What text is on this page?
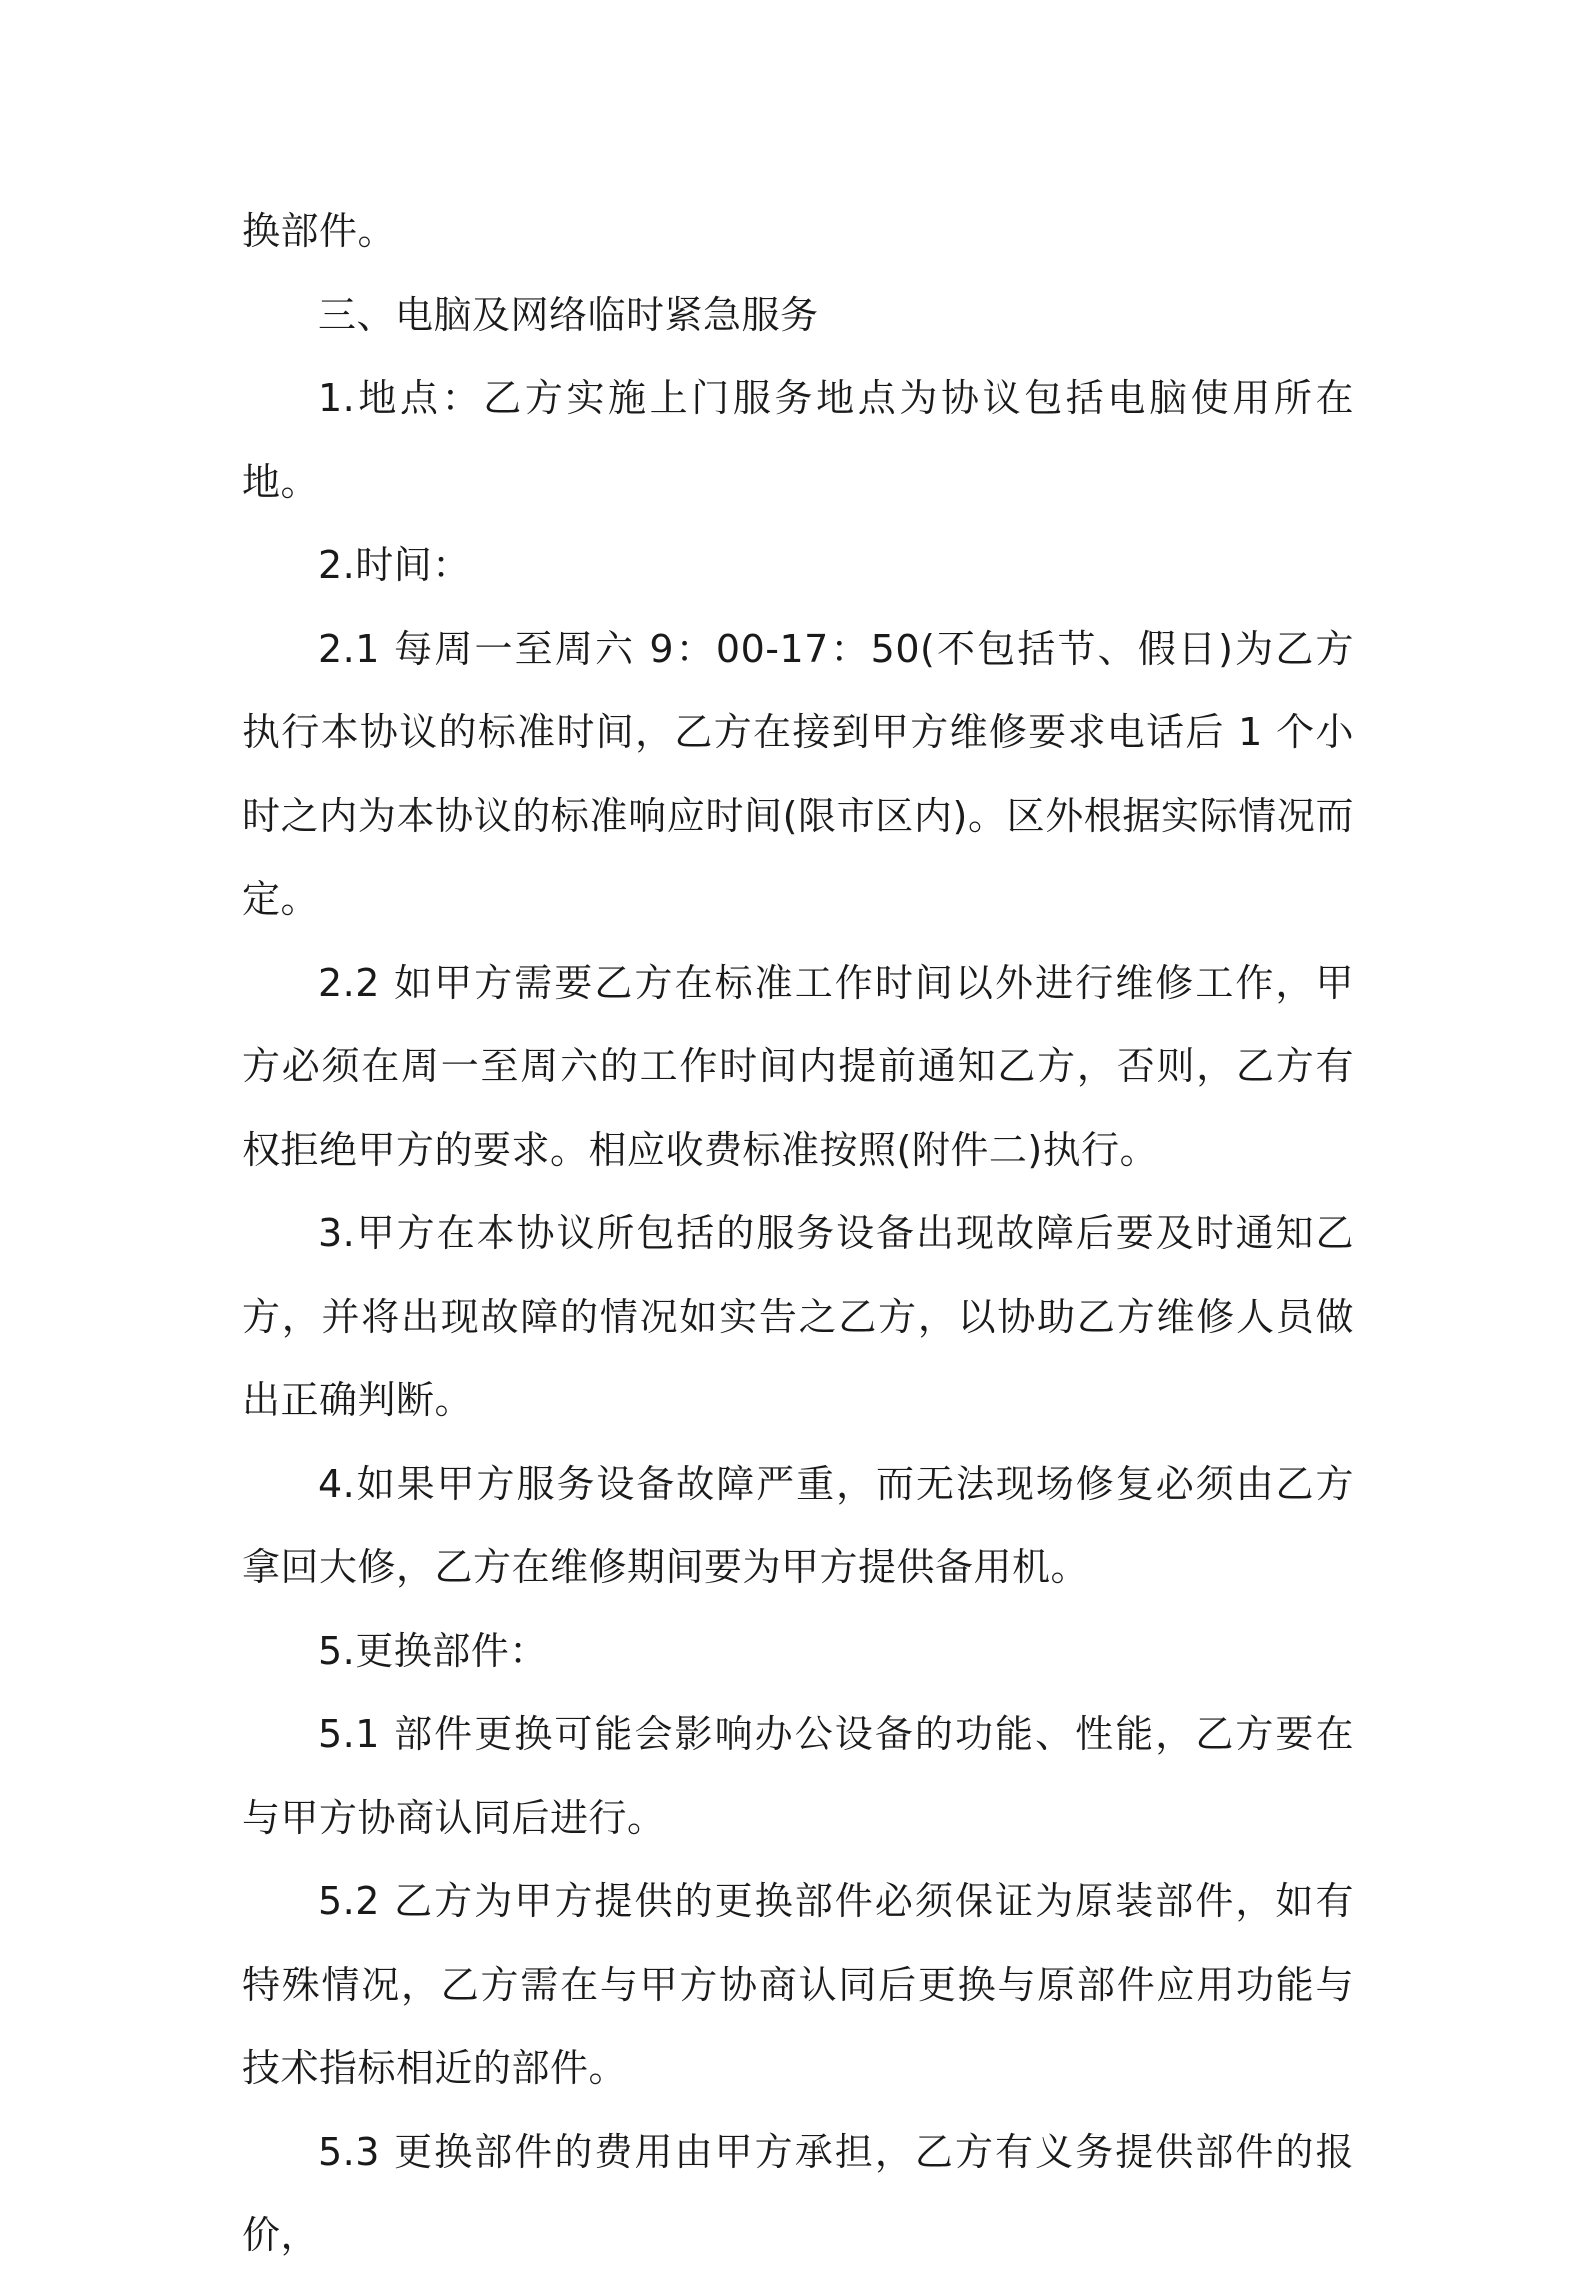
换部件。

三、电脑及网络临时紧急服务

1.地点：乙方实施上门服务地点为协议包括电脑使用所在地。

2.时间：

2.1 每周一至周六 9：00-17：50(不包括节、假日)为乙方执行本协议的标准时间，乙方在接到甲方维修要求电话后 1 个小时之内为本协议的标准响应时间(限市区内)。区外根据实际情况而定。

2.2 如甲方需要乙方在标准工作时间以外进行维修工作，甲方必须在周一至周六的工作时间内提前通知乙方，否则，乙方有权拒绝甲方的要求。相应收费标准按照(附件二)执行。

3.甲方在本协议所包括的服务设备出现故障后要及时通知乙方，并将出现故障的情况如实告之乙方，以协助乙方维修人员做出正确判断。

4.如果甲方服务设备故障严重，而无法现场修复必须由乙方拿回大修，乙方在维修期间要为甲方提供备用机。

5.更换部件：

5.1 部件更换可能会影响办公设备的功能、性能，乙方要在与甲方协商认同后进行。

5.2 乙方为甲方提供的更换部件必须保证为原装部件，如有特殊情况，乙方需在与甲方协商认同后更换与原部件应用功能与技术指标相近的部件。

5.3 更换部件的费用由甲方承担，乙方有义务提供部件的报价，
